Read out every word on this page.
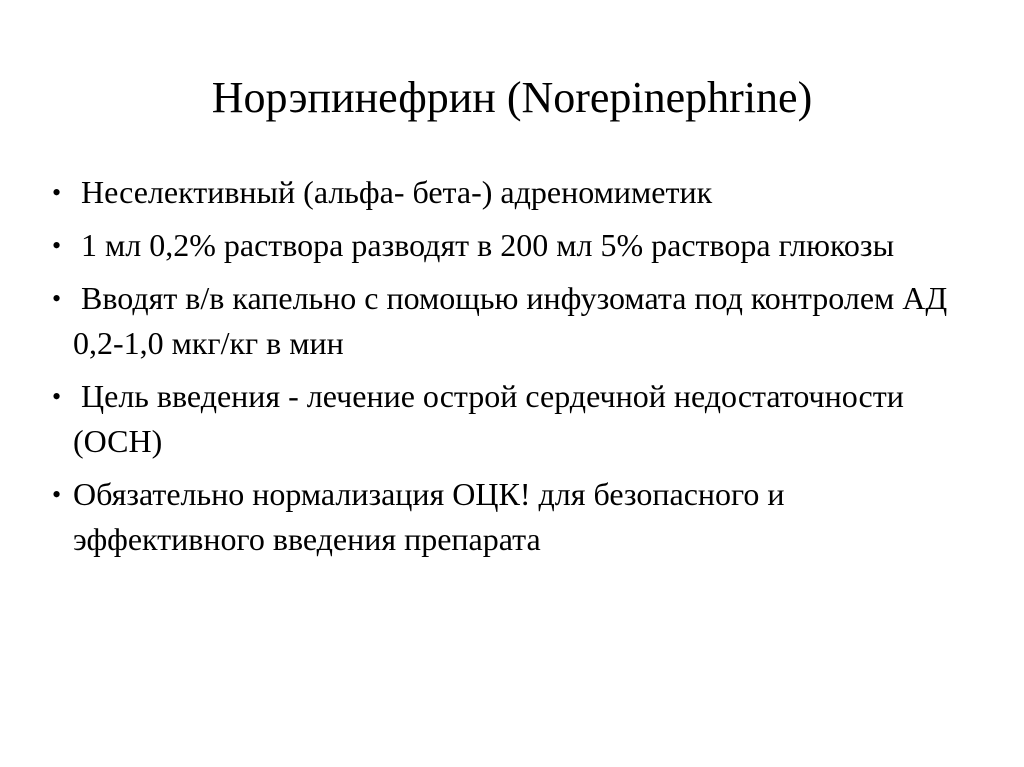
Норэпинефрин (Norepinephrine)
• Неселективный (альфа- бета-) адреномиметик
• 1 мл 0,2% раствора разводят в 200 мл 5% раствора глюкозы
• Вводят в/в капельно с помощью инфузомата под контролем АД 0,2-1,0 мкг/кг в мин
• Цель введения - лечение острой сердечной недостаточности (ОСН)
• Обязательно нормализация ОЦК! для безопасного и эффективного введения препарата
